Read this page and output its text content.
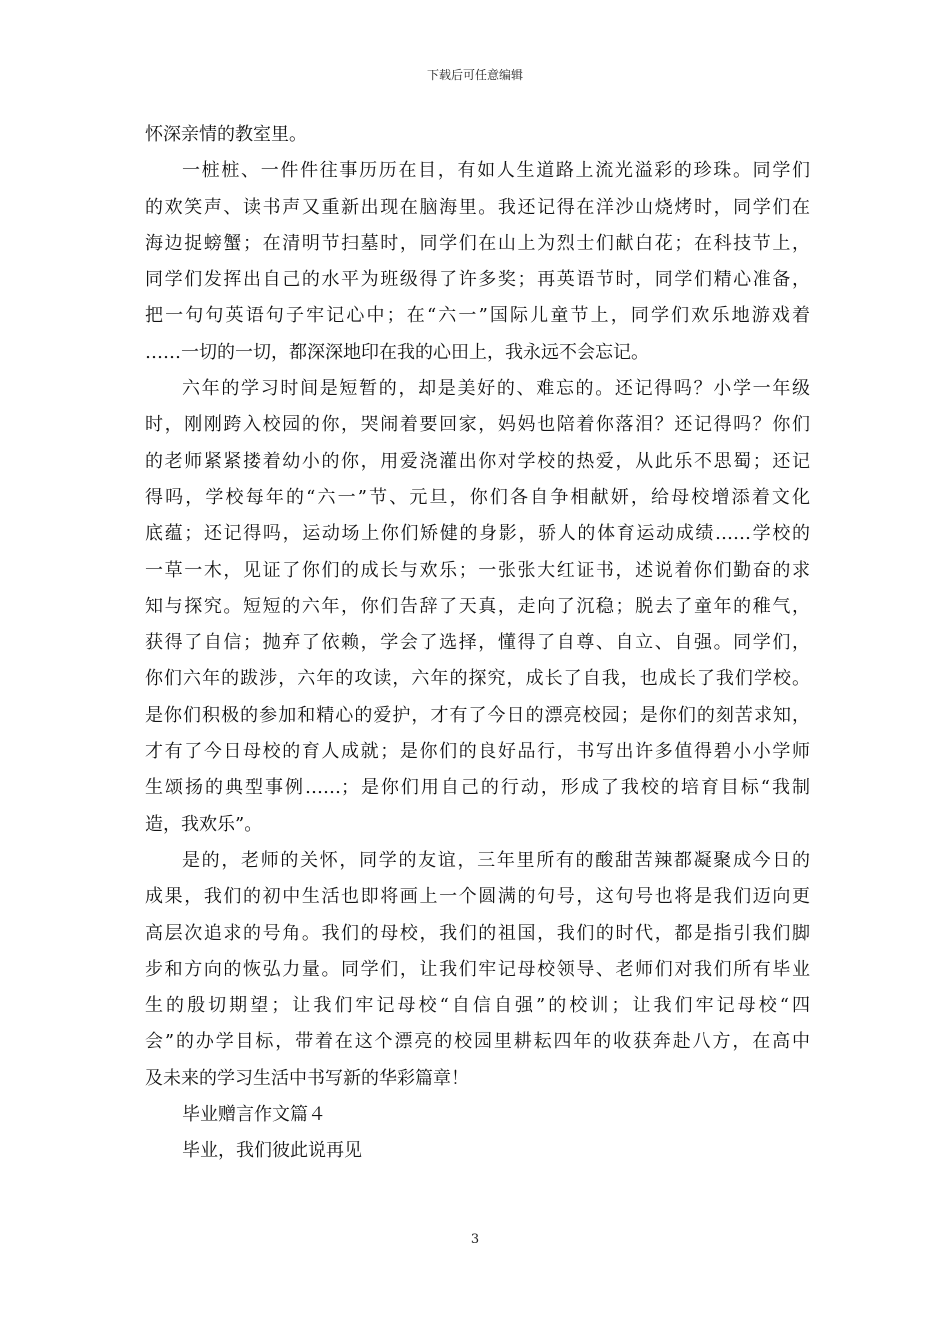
下载后可任意编辑
怀深亲情的教室里。
一桩桩、一件件往事历历在目，有如人生道路上流光溢彩的珍珠。同学们
的欢笑声、读书声又重新出现在脑海里。我还记得在洋沙山烧烤时，同学们在
海边捉螃蟹；在清明节扫墓时，同学们在山上为烈士们献白花；在科技节上，
同学们发挥出自己的水平为班级得了许多奖；再英语节时，同学们精心准备，
把一句句英语句子牢记心中；在“六一”国际儿童节上，同学们欢乐地游戏着
……一切的一切，都深深地印在我的心田上，我永远不会忘记。
六年的学习时间是短暂的，却是美好的、难忘的。还记得吗？小学一年级
时，刚刚跨入校园的你，哭闹着要回家，妈妈也陪着你落泪？还记得吗？你们
的老师紧紧搂着幼小的你，用爱浇灌出你对学校的热爱，从此乐不思蜀；还记
得吗，学校每年的“六一”节、元旦，你们各自争相献妍，给母校增添着文化
底蕴；还记得吗，运动场上你们矫健的身影，骄人的体育运动成绩……学校的
一草一木，见证了你们的成长与欢乐；一张张大红证书，述说着你们勤奋的求
知与探究。短短的六年，你们告辞了天真，走向了沉稳；脱去了童年的稚气，
获得了自信；抛弃了依赖，学会了选择，懂得了自尊、自立、自强。同学们，
你们六年的跋涉，六年的攻读，六年的探究，成长了自我，也成长了我们学校。
是你们积极的参加和精心的爱护，才有了今日的漂亮校园；是你们的刻苦求知，
才有了今日母校的育人成就；是你们的良好品行，书写出许多值得碧小小学师
生颂扬的典型事例……；是你们用自己的行动，形成了我校的培育目标“我制
造，我欢乐”。
是的，老师的关怀，同学的友谊，三年里所有的酸甜苦辣都凝聚成今日的
成果，我们的初中生活也即将画上一个圆满的句号，这句号也将是我们迈向更
高层次追求的号角。我们的母校，我们的祖国，我们的时代，都是指引我们脚
步和方向的恢弘力量。同学们，让我们牢记母校领导、老师们对我们所有毕业
生的殷切期望；让我们牢记母校“自信自强”的校训；让我们牢记母校“四
会”的办学目标，带着在这个漂亮的校园里耕耘四年的收获奔赴八方，在高中
及未来的学习生活中书写新的华彩篇章！
毕业赠言作文篇４
毕业，我们彼此说再见
3
